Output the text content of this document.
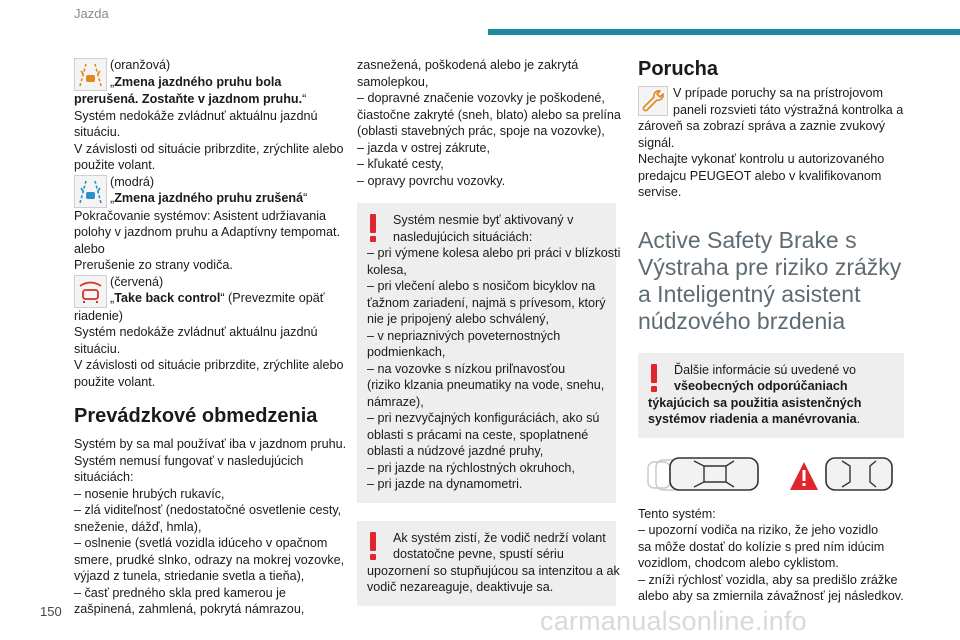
Jazda
(oranžová)
„Zmena jazdného pruhu bola
prerušená. Zostaňte v jazdnom pruhu.“
Systém nedokáže zvládnuť aktuálnu jazdnú
situáciu.
V závislosti od situácie pribrzdite, zrýchlite alebo
použite volant.
(modrá)
„Zmena jazdného pruhu zrušená“
Pokračovanie systémov: Asistent udržiavania
polohy v jazdnom pruhu a Adaptívny tempomat.
alebo
Prerušenie zo strany vodiča.
(červená)
„Take back control“ (Prevezmite opäť
riadenie)
Systém nedokáže zvládnuť aktuálnu jazdnú
situáciu.
V závislosti od situácie pribrzdite, zrýchlite alebo
použite volant.
Prevádzkové obmedzenia
Systém by sa mal používať iba v jazdnom pruhu.
Systém nemusí fungovať v nasledujúcich
situáciách:
– nosenie hrubých rukavíc,
– zlá viditeľnosť (nedostatočné osvetlenie cesty,
sneženie, dážď, hmla),
– oslnenie (svetlá vozidla idúceho v opačnom
smere, prudké slnko, odrazy na mokrej vozovke,
výjazd z tunela, striedanie svetla a tieňa),
– časť predného skla pred kamerou je
zašpinená, zahmlená, pokrytá námrazou,
zasnežená, poškodená alebo je zakrytá
samolepkou,
– dopravné značenie vozovky je poškodené,
čiastočne zakryté (sneh, blato) alebo sa prelína
(oblasti stavebných prác, spoje na vozovke),
– jazda v ostrej zákrute,
– kľukaté cesty,
– opravy povrchu vozovky.
Systém nesmie byť aktivovaný v
nasledujúcich situáciách:
– pri výmene kolesa alebo pri práci v blízkosti
kolesa,
– pri vlečení alebo s nosičom bicyklov na
ťažnom zariadení, najmä s prívesom, ktorý
nie je pripojený alebo schválený,
– v nepriaznivých poveternostných
podmienkach,
– na vozovke s nízkou priľnavosťou
(riziko klzania pneumatiky na vode, snehu,
námraze),
– pri nezvyčajných konfiguráciách, ako sú
oblasti s prácami na ceste, spoplatnené
oblasti a núdzové jazdné pruhy,
– pri jazde na rýchlostných okruhoch,
– pri jazde na dynamometri.
Ak systém zistí, že vodič nedrží volant
dostatočne pevne, spustí sériu
upozornení so stupňujúcou sa intenzitou a ak
vodič nezareaguje, deaktivuje sa.
Porucha
V prípade poruchy sa na prístrojovom
paneli rozsvieti táto výstražná kontrolka a
zároveň sa zobrazí správa a zaznie zvukový
signál.
Nechajte vykonať kontrolu u autorizovaného
predajcu PEUGEOT alebo v kvalifikovanom
servise.
Active Safety Brake s
Výstraha pre riziko zrážky
a Inteligentný asistent
núdzového brzdenia
Ďalšie informácie sú uvedené vo
všeobecných odporúčaniach
týkajúcich sa použitia asistenčných
systémov riadenia a manévrovania.
Tento systém:
– upozorní vodiča na riziko, že jeho vozidlo
sa môže dostať do kolízie s pred ním idúcim
vozidlom, chodcom alebo cyklistom.
– zníži rýchlosť vozidla, aby sa predišlo zrážke
alebo aby sa zmiernila závažnosť jej následkov.
150	carmanualsonline.info
